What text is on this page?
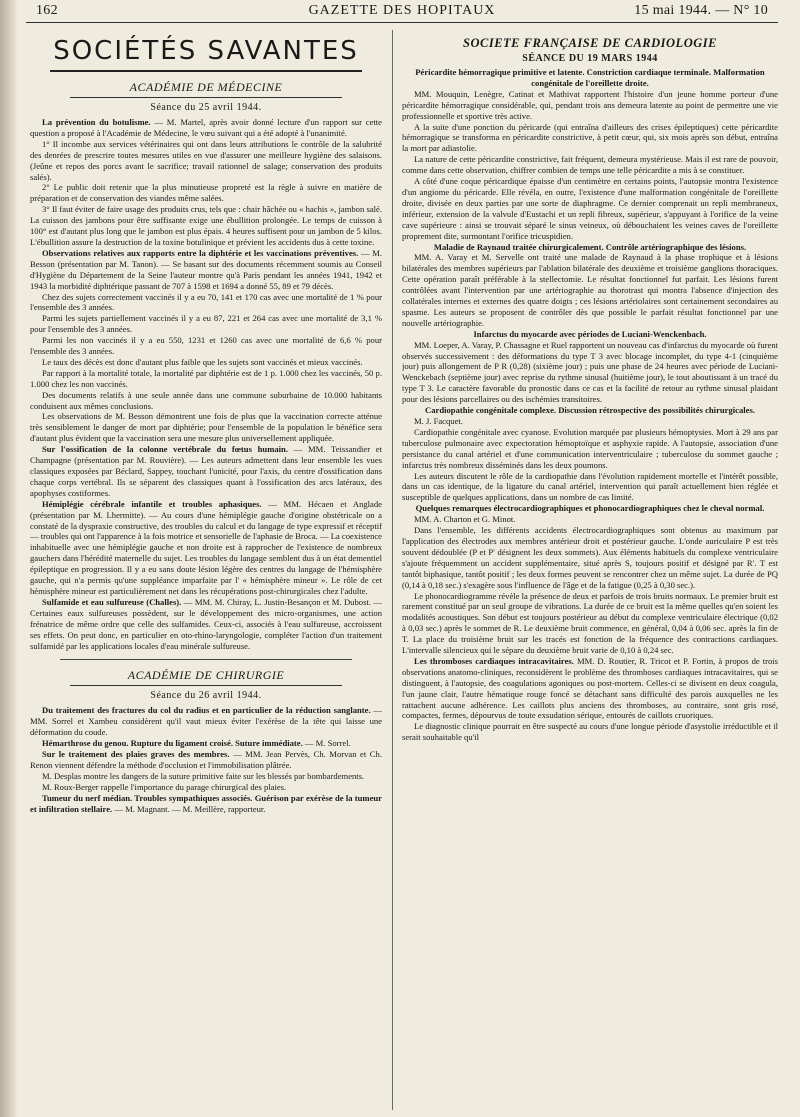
162	GAZETTE DES HOPITAUX	15 mai 1944. — N° 10
SOCIÉTÉS SAVANTES
ACADÉMIE DE MÉDECINE
Séance du 25 avril 1944.

La prévention du botulisme. — M. Martel, après avoir donné lecture d'un rapport sur cette question a proposé à l'Académie de Médecine, le vœu suivant qui a été adopté à l'unanimité.

1° Il incombe aux services vétérinaires qui ont dans leurs attributions le contrôle de la salubrité des denrées de prescrire toutes mesures utiles en vue d'assurer une meilleure hygiène des salaisons. (Jeûne et repos des porcs avant le sacrifice; travail rationnel de salage; conservation des produits salés).

2° Le public doit retenir que la plus minutieuse propreté est la règle à suivre en matière de préparation et de conservation des viandes même salées.

3° Il faut éviter de faire usage des produits crus, tels que : chair hâchée ou « hachis », jambon salé. La cuisson des jambons pour être suffisante exige une ébullition prolongée. Le temps de cuisson à 100° est d'autant plus long que le jambon est plus épais. 4 heures suffisent pour un jambon de 5 kilos. L'ébullition assure la destruction de la toxine botulinique et prévient les accidents dus à cette toxine.

Observations relatives aux rapports entre la diphtérie et les vaccinations préventives. — M. Besson (présentation par M. Tanon). — Se basant sur des documents récemment soumis au Conseil d'Hygiène du Département de la Seine l'auteur montre qu'à Paris pendant les années 1941, 1942 et 1943 la morbidité diphtérique passant de 707 à 1598 et 1694 a donné 55, 89 et 79 décès.

Chez des sujets correctement vaccinés il y a eu 70, 141 et 170 cas avec une mortalité de 1 % pour l'ensemble des 3 années.

Parmi les sujets partiellement vaccinés il y a eu 87, 221 et 264 cas avec une mortalité de 3,1 % pour l'ensemble des 3 années.

Parmi les non vaccinés il y a eu 550, 1231 et 1260 cas avec une mortalité de 6,6 % pour l'ensemble des 3 années.

Le taux des décès est donc d'autant plus faible que les sujets sont vaccinés et mieux vaccinés.

Par rapport à la mortalité totale, la mortalité par diphtérie est de 1 p. 1.000 chez les vaccinés, 50 p. 1.000 chez les non vaccinés.

Des documents relatifs à une seule année dans une commune suburbaine de 10.000 habitants conduisent aux mêmes conclusions.

Les observations de M. Besson démontrent une fois de plus que la vaccination correcte atténue très sensiblement le danger de mort par diphtérie; pour l'ensemble de la population le bénéfice sera d'autant plus évident que la vaccination sera une mesure plus universellement appliquée.

Sur l'ossification de la colonne vertébrale du fœtus humain. — MM. Teissandier et Champagne (présentation par M. Rouvière). — Les auteurs admettent dans leur ensemble les vues classiques exposées par Béclard, Sappey, touchant l'unicité, pour l'axis, du centre d'ossification dans chaque corps vertébral. Ils se séparent des classiques quant à l'ossification des arcs latéraux, des apophyses costiformes.

Hémiplégie cérébrale infantile et troubles aphasiques. — MM. Hécaen et Anglade (présentation par M. Lhermitte). — Au cours d'une hémiplégie gauche d'origine obstétricale on a constaté de la dyspraxie constructive, des troubles du calcul et du langage de type expressif et réceptif — troubles qui ont l'apparence à la fois motrice et sensorielle de l'aphasie de Broca. — La coexistence inhabituelle avec une hémiplégie gauche et non droite est à rapprocher de l'existence de nombreux gauchers dans l'hérédité maternelle du sujet. Les troubles du langage semblent dus à un état dementiel épileptique en progression. Il y a eu sans doute lésion légère des centres du langage de l'hémisphère gauche, qui n'a permis qu'une suppléance imparfaite par l' « hémisphère mineur ». Le rôle de cet hémisphère mineur est particulièrement net dans les récupérations post-chirurgicales chez l'adulte.

Sulfamide et eau sulfureuse (Challes). — MM. M. Chiray, L. Justin-Besançon et M. Dubost. — Certaines eaux sulfureuses possèdent, sur le développement des micro-organismes, une action frénatrice de même ordre que celle des sulfamides. Ceux-ci, associés à l'eau sulfureuse, accroissent ses effets. On peut donc, en particulier en oto-rhino-laryngologie, compléter l'action d'un traitement sulfamidé par les applications locales d'eau minérale sulfureuse.

ACADÉMIE DE CHIRURGIE
Séance du 26 avril 1944.

Du traitement des fractures du col du radius et en particulier de la réduction sanglante. — MM. Sorrel et Xambeu considèrent qu'il vaut mieux éviter l'exérèse de la tête qui laisse une déformation du coude.

Hémarthrose du genou. Rupture du ligament croisé. Suture immédiate. — M. Sorrel.

Sur le traitement des plaies graves des membres. — MM. Jean Pervès, Ch. Morvan et Ch. Renon viennent défendre la méthode d'occlusion et l'immobilisation plâtrée.

M. Desplas montre les dangers de la suture primitive faite sur les blessés par bombardements.

M. Roux-Berger rappelle l'importance du parage chirurgical des plaies.

Tumeur du nerf médian. Troubles sympathiques associés. Guérison par exérèse de la tumeur et infiltration stellaire. — M. Magnant. — M. Meillère, rapporteur.

SOCIETE FRANÇAISE DE CARDIOLOGIE
SÉANCE DU 19 MARS 1944

Péricardite hémorragique primitive et latente. Constriction cardiaque terminale. Malformation congénitale de l'oreillette droite.

MM. Mouquin, Lenègre, Catinat et Mathivat rapportent l'histoire d'un jeune homme porteur d'une péricardite hémorragique considérable, qui, pendant trois ans demeura latente au point de permettre une vie professionnelle et sportive très active.

A la suite d'une ponction du péricarde (qui entraîna d'ailleurs des crises épileptiques) cette péricardite hémorragique se transforma en péricardite constrictive, à petit cœur, qui, six mois après son début, entraîna la mort par adiastolie.

La nature de cette péricardite constrictive, fait fréquent, demeura mystérieuse. Mais il est rare de pouvoir, comme dans cette observation, chiffrer combien de temps une telle péricardite a mis à se constituer.

A côté d'une coque péricardique épaisse d'un centimètre en certains points, l'autopsie montra l'existence d'un angiome du péricarde. Elle révéla, en outre, l'existence d'une malformation congénitale de l'oreillette droite, divisée en deux parties par une sorte de diaphragme. Ce dernier comprenait un repli membraneux, inférieur, extension de la valvule d'Eustachi et un repli fibreux, supérieur, s'appuyant à l'orifice de la veine cave supérieure : ainsi se trouvait séparé le sinus veineux, où débouchaient les veines caves de l'oreillette proprement dite, surmontant l'orifice tricuspidien.

Maladie de Raynaud traitée chirurgicalement. Contrôle artériographique des lésions.

MM. A. Varay et M. Servelle ont traité une malade de Raynaud à la phase trophique et à lésions bilatérales des membres supérieurs par l'ablation bilatérale des deuxième et troisième ganglions thoraciques. Cette opération paraît préférable à la stellectomie. Le résultat fonctionnel fut parfait. Les lésions furent contrôlées avant l'intervention par une artériographie au thorotrast qui montra l'absence d'injection des collatérales internes et externes des quatre doigts ; ces lésions artériolaires sont certainement secondaires au spasme. Les auteurs se proposent de contrôler dès que possible le parfait résultat fonctionnel par une nouvelle artériographie.

Infarctus du myocarde avec périodes de Luciani-Wenckenbach.

MM. Loeper, A. Varay, P. Chassagne et Ruel rapportent un nouveau cas d'infarctus du myocarde où furent observés successivement : des déformations du type T 3 avec blocage incomplet, du type 4-1 (cinquième jour) puis allongement de P R (0,28) (sixième jour) ; puis une phase de 24 heures avec période de Luciani-Wenckebach (septième jour) avec reprise du rythme sinusal (huitième jour), le tout aboutissant à un tracé du type T 3. Le caractère favorable du pronostic dans ce cas et la facilité de retour au rythme sinusal plaidant pour des lésions parcellaires ou des ischémies transitoires.

Cardiopathie congénitale complexe. Discussion rétrospective des possibilités chirurgicales.

M. J. Facquet.

Cardiopathie congénitale avec cyanose. Evolution marquée par plusieurs hémoptysies. Mort à 29 ans par tuberculose pulmonaire avec expectoration hémoptoïque et asphyxie rapide. A l'autopsie, association d'une persistance du canal artériel et d'une communication interventriculaire ; tuberculose du sommet gauche ; infarctus très nombreux disséminés dans les deux poumons.

Les auteurs discutent le rôle de la cardiopathie dans l'évolution rapidement mortelle et l'intérêt possible, dans un cas identique, de la ligature du canal artériel, intervention qui paraît actuellement bien réglée et susceptible de quelques applications, dans un nombre de cas limité.

Quelques remarques électrocardiographiques et phonocardiographiques chez le cheval normal.

MM. A. Charton et G. Minot.

Dans l'ensemble, les différents accidents électrocardiographiques sont obtenus au maximum par l'application des électrodes aux membres antérieur droit et postérieur gauche. L'onde auriculaire P est très souvent dédoublée (P et P' désignent les deux sommets). Aux éléments habituels du complexe ventriculaire s'ajoute fréquemment un accident supplémentaire, situé après S, toujours positif et désigné par R'. T est tantôt biphasique, tantôt positif ; les deux formes peuvent se rencontrer chez un même sujet. La durée de PQ (0,14 à 0,18 sec.) s'exagère sous l'influence de l'âge et de la fatigue (0,25 à 0,30 sec.).

Le phonocardiogramme révèle la présence de deux et parfois de trois bruits normaux. Le premier bruit est rarement constitué par un seul groupe de vibrations. La durée de ce bruit est la même quelles qu'en soient les modalités acoustiques. Son début est toujours postérieur au début du complexe ventriculaire électrique (0,02 à 0,03 sec.) après le sommet de R. Le deuxième bruit commence, en général, 0,04 à 0,06 sec. après la fin de T. La place du troisième bruit sur les tracés est fonction de la fréquence des contractions cardiaques. L'intervalle silencieux qui le sépare du deuxième bruit varie de 0,10 à 0,24 sec.

Les thromboses cardiaques intracavitaires. MM. D. Routier, R. Tricot et P. Fortin, à propos de trois observations anatomo-cliniques, reconsidèrent le problème des thromboses cardiaques intracavitaires, qui se distinguent, à l'autopsie, des coagulations agoniques ou post-mortem. Celles-ci se divisent en deux coagula, l'un jaune clair, l'autre hématique rouge foncé se détachant sans difficulté des parois auxquelles ne les rattachent aucune adhérence. Les caillots plus anciens des thromboses, au contraire, sont gris rosé, compactes, fermes, dépourvus de toute exsudation sérique, entourés de caillots cruoriques.

Le diagnostic clinique pourrait en être suspecté au cours d'une longue période d'asystolie irréductible et il serait souhaitable qu'il
